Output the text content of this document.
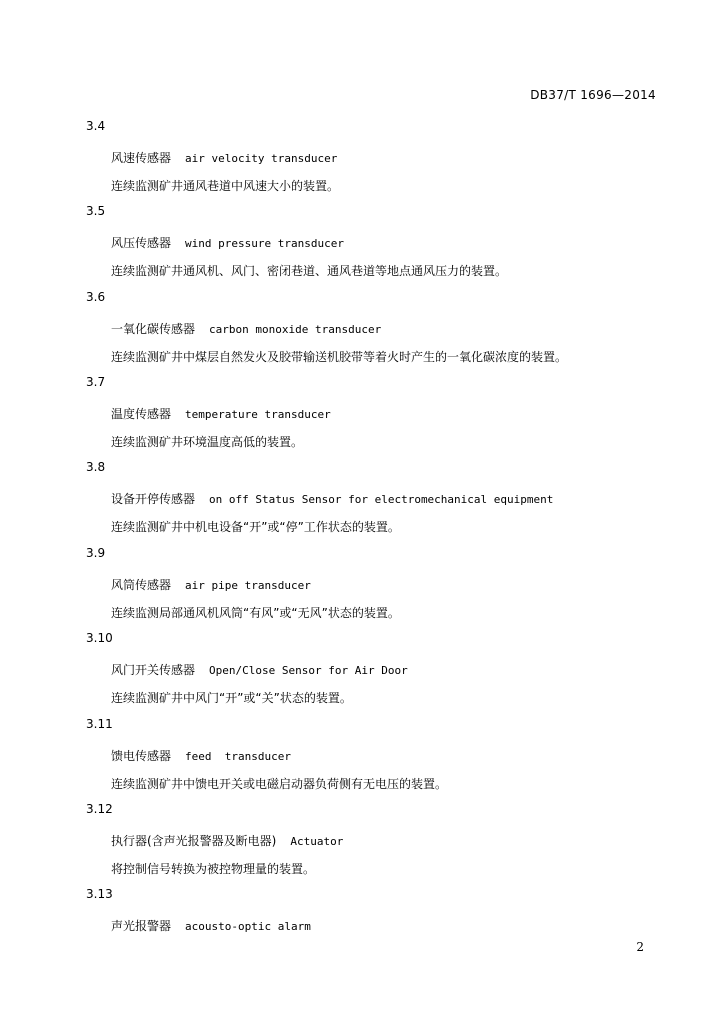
DB37/T 1696—2014
3.4
风速传感器 air velocity transducer
连续监测矿井通风巷道中风速大小的装置。
3.5
风压传感器 wind pressure transducer
连续监测矿井通风机、风门、密闭巷道、通风巷道等地点通风压力的装置。
3.6
一氧化碳传感器 carbon monoxide transducer
连续监测矿井中煤层自然发火及胶带输送机胶带等着火时产生的一氧化碳浓度的装置。
3.7
温度传感器 temperature transducer
连续监测矿井环境温度高低的装置。
3.8
设备开停传感器 on off Status Sensor for electromechanical equipment
连续监测矿井中机电设备“开”或“停”工作状态的装置。
3.9
风筒传感器 air pipe transducer
连续监测局部通风机风筒“有风”或“无风”状态的装置。
3.10
风门开关传感器 Open/Close Sensor for Air Door
连续监测矿井中风门“开”或“关”状态的装置。
3.11
馈电传感器 feed  transducer
连续监测矿井中馈电开关或电磁启动器负荷侧有无电压的装置。
3.12
执行器(含声光报警器及断电器) Actuator
将控制信号转换为被控物理量的装置。
3.13
声光报警器 acousto-optic alarm
2
